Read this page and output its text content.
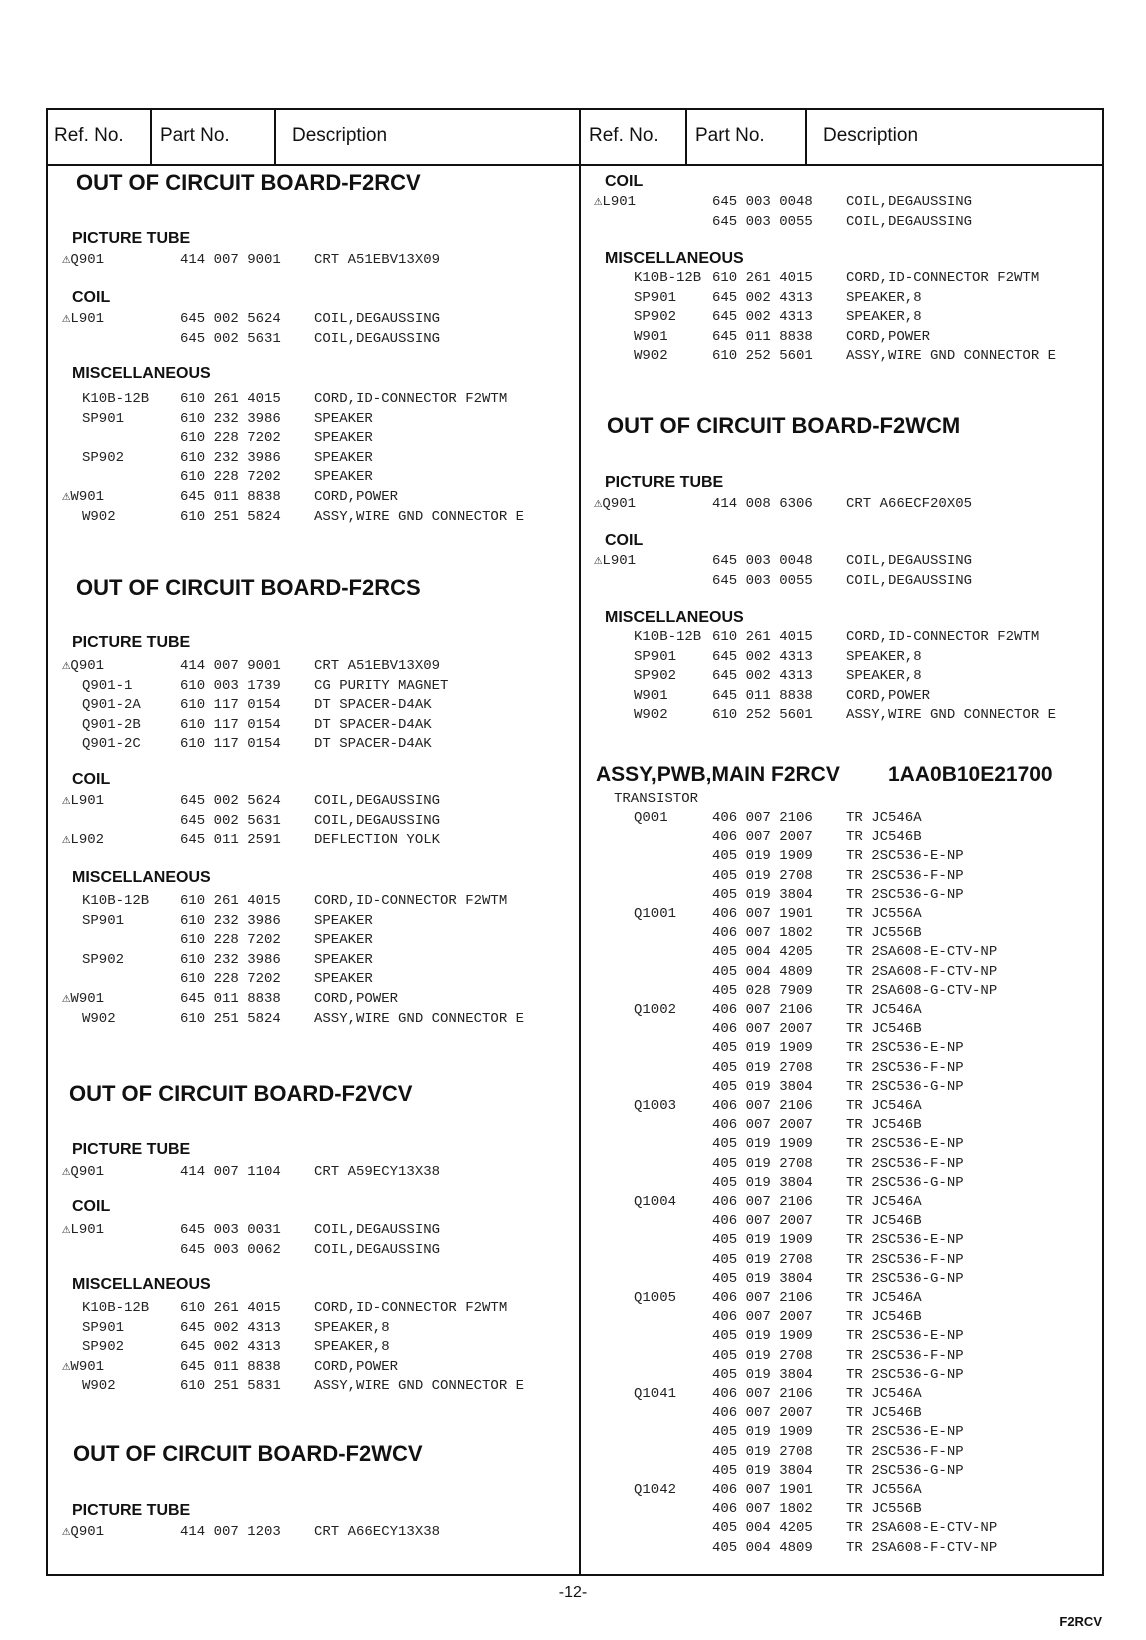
Ref. No.	Part No.	Description	Ref. No.	Part No.	Description
OUT OF CIRCUIT BOARD-F2RCV
PICTURE TUBE
COIL
MISCELLANEOUS
OUT OF CIRCUIT BOARD-F2RCS
PICTURE TUBE
COIL
MISCELLANEOUS
OUT OF CIRCUIT BOARD-F2VCV
PICTURE TUBE
COIL
MISCELLANEOUS
OUT OF CIRCUIT BOARD-F2WCV
PICTURE TUBE
COIL
MISCELLANEOUS
OUT OF CIRCUIT BOARD-F2WCM
PICTURE TUBE
COIL
MISCELLANEOUS
ASSY,PWB,MAIN F2RCV 1AA0B10E21700
TRANSISTOR
-12-
F2RCV
⚠Q901	414 007 9001 CRT A51EBV13X09
⚠L901	645 002 5624 COIL,DEGAUSSING
645 002 5631 COIL,DEGAUSSING
K10B-12B 610 261 4015 CORD,ID-CONNECTOR F2WTM
SP901	610 232 3986 SPEAKER
610 228 7202 SPEAKER
SP902	610 232 3986 SPEAKER
610 228 7202 SPEAKER
⚠W901	645 011 8838 CORD,POWER
W902	610 251 5824 ASSY,WIRE GND CONNECTOR E
⚠Q901	414 007 9001 CRT A51EBV13X09
Q901-1	610 003 1739 CG PURITY MAGNET
Q901-2A	610 117 0154 DT SPACER-D4AK
Q901-2B	610 117 0154 DT SPACER-D4AK
Q901-2C	610 117 0154 DT SPACER-D4AK
⚠L901	645 002 5624 COIL,DEGAUSSING
645 002 5631 COIL,DEGAUSSING
⚠L902	645 011 2591 DEFLECTION YOLK
K10B-12B 610 261 4015 CORD,ID-CONNECTOR F2WTM
SP901	610 232 3986 SPEAKER
610 228 7202 SPEAKER
SP902	610 232 3986 SPEAKER
610 228 7202 SPEAKER
⚠W901	645 011 8838 CORD,POWER
W902	610 251 5824 ASSY,WIRE GND CONNECTOR E
⚠Q901	414 007 1104 CRT A59ECY13X38
⚠L901	645 003 0031 COIL,DEGAUSSING
645 003 0062 COIL,DEGAUSSING
K10B-12B 610 261 4015 CORD,ID-CONNECTOR F2WTM
SP901	645 002 4313 SPEAKER,8
SP902	645 002 4313 SPEAKER,8
⚠W901	645 011 8838 CORD,POWER
W902	610 251 5831 ASSY,WIRE GND CONNECTOR E
⚠Q901	414 007 1203 CRT A66ECY13X38
⚠L901	645 003 0048 COIL,DEGAUSSING
645 003 0055 COIL,DEGAUSSING
K10B-12B 610 261 4015 CORD,ID-CONNECTOR F2WTM
SP901	645 002 4313 SPEAKER,8
SP902	645 002 4313 SPEAKER,8
W901	645 011 8838 CORD,POWER
W902	610 252 5601 ASSY,WIRE GND CONNECTOR E
⚠Q901	414 008 6306 CRT A66ECF20X05
⚠L901	645 003 0048 COIL,DEGAUSSING
645 003 0055 COIL,DEGAUSSING
K10B-12B 610 261 4015 CORD,ID-CONNECTOR F2WTM
SP901	645 002 4313 SPEAKER,8
SP902	645 002 4313 SPEAKER,8
W901	645 011 8838 CORD,POWER
W902	610 252 5601 ASSY,WIRE GND CONNECTOR E
Q001	406 007 2106 TR JC546A
406 007 2007 TR JC546B
405 019 1909 TR 2SC536-E-NP
405 019 2708 TR 2SC536-F-NP
405 019 3804 TR 2SC536-G-NP
Q1001	406 007 1901 TR JC556A
406 007 1802 TR JC556B
405 004 4205 TR 2SA608-E-CTV-NP
405 004 4809 TR 2SA608-F-CTV-NP
405 028 7909 TR 2SA608-G-CTV-NP
Q1002	406 007 2106 TR JC546A
406 007 2007 TR JC546B
405 019 1909 TR 2SC536-E-NP
405 019 2708 TR 2SC536-F-NP
405 019 3804 TR 2SC536-G-NP
Q1003	406 007 2106 TR JC546A
406 007 2007 TR JC546B
405 019 1909 TR 2SC536-E-NP
405 019 2708 TR 2SC536-F-NP
405 019 3804 TR 2SC536-G-NP
Q1004	406 007 2106 TR JC546A
406 007 2007 TR JC546B
405 019 1909 TR 2SC536-E-NP
405 019 2708 TR 2SC536-F-NP
405 019 3804 TR 2SC536-G-NP
Q1005	406 007 2106 TR JC546A
406 007 2007 TR JC546B
405 019 1909 TR 2SC536-E-NP
405 019 2708 TR 2SC536-F-NP
405 019 3804 TR 2SC536-G-NP
Q1041	406 007 2106 TR JC546A
406 007 2007 TR JC546B
405 019 1909 TR 2SC536-E-NP
405 019 2708 TR 2SC536-F-NP
405 019 3804 TR 2SC536-G-NP
Q1042	406 007 1901 TR JC556A
406 007 1802 TR JC556B
405 004 4205 TR 2SA608-E-CTV-NP
405 004 4809 TR 2SA608-F-CTV-NP
